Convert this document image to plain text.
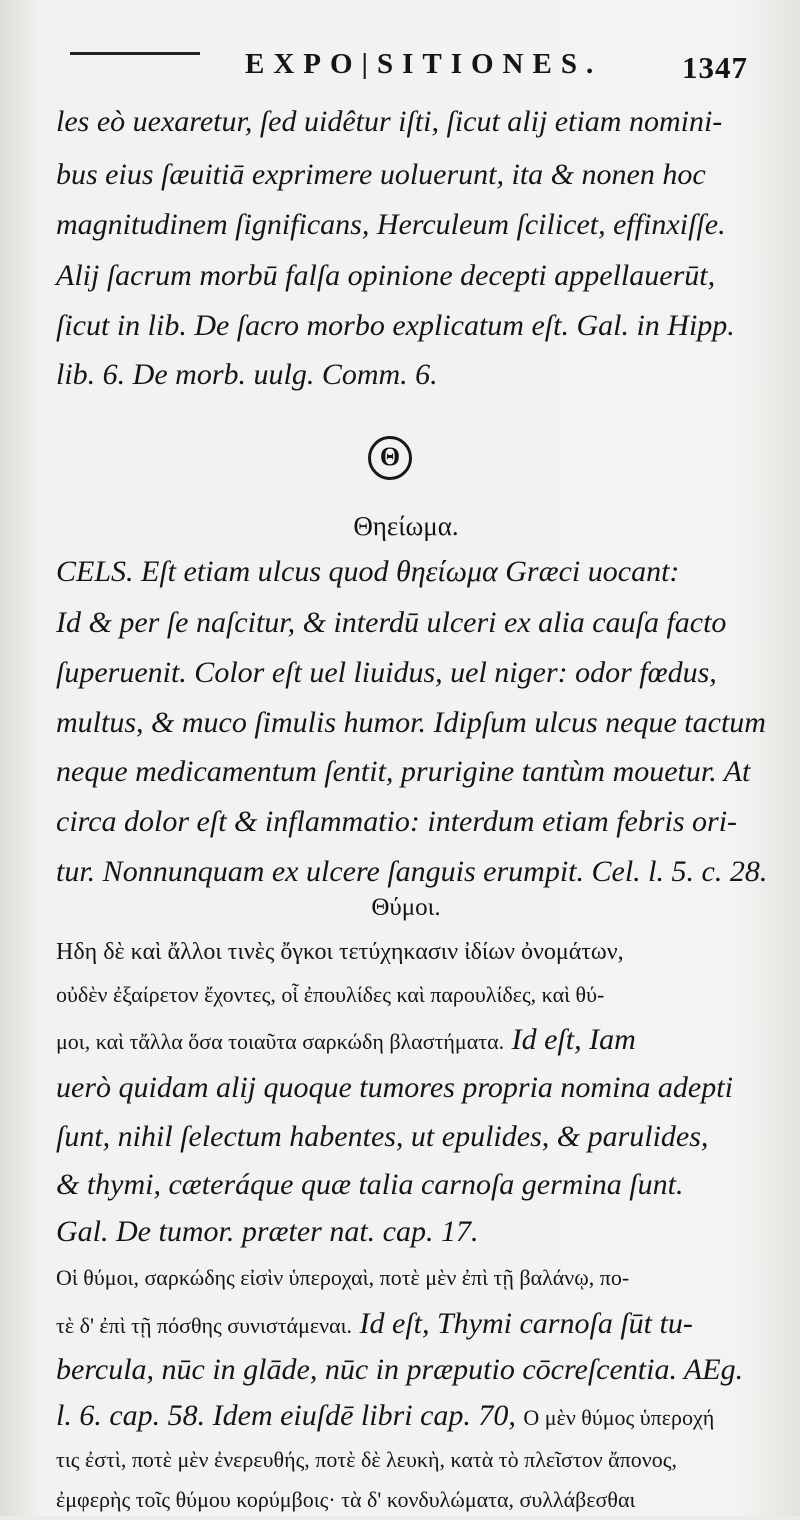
EXPO|SITIONES.	1347
les eò uexaretur, ſed uidêtur iſti, ſicut alij etiam nomini-
bus eius ſæuitiā exprimere uoluerunt, ita & nonen hoc
magnitudinem ſignificans, Herculeum ſcilicet, effinxiſſe.
Alij ſacrum morbū falſa opinione decepti appellauerūt,
ſicut in lib. De ſacro morbo explicatum eſt. Gal. in Hipp.
lib. 6. De morb. uulg. Comm. 6.
Θ
Θηείωμα.
CELS. Eſt etiam ulcus quod θηείωμα Græci uocant:
Id & per ſe naſcitur, & interdū ulceri ex alia cauſa facto
ſuperuenit. Color eſt uel liuidus, uel niger: odor fœdus,
multus, & muco ſimulis humor. Idipſum ulcus neque tactum
neque medicamentum ſentit, prurigine tantùm mouetur. At
circa dolor eſt & inflammatio: interdum etiam febris ori-
tur. Nonnunquam ex ulcere ſanguis erumpit. Cel. l. 5. c. 28.
Θύμοι.
Ηδη δὲ καὶ ἄλλοι τινὲς ὄγκοι τετύχηκασιν ἰδίων ὀνομάτων,
οὐδὲν ἐξαίρετον ἔχοντες, οἷ ἐπουλίδες καὶ παρουλίδες, καὶ θύ-
μοι, καὶ τἄλλα ὅσα τοιαῦτα σαρκώδη βλαστήματα. Id eſt, Iam
uerò quidam alij quoque tumores propria nomina adepti
ſunt, nihil ſelectum habentes, ut epulides, & parulides,
& thymi, cæteráque quæ talia carnoſa germina ſunt.
Gal. De tumor. præter nat. cap. 17.
Οἱ θύμοι, σαρκώδης εἰσὶν ὑπεροχαὶ, ποτὲ μὲν ἐπὶ τῇ βαλάνῳ, πο-
τὲ δ' ἐπὶ τῇ πόσθης συνιστάμεναι. Id eſt, Thymi carnoſa ſūt tu-
bercula, nūc in glāde, nūc in præputio cōcreſcentia. AEg.
l. 6. cap. 58. Idem eiuſdē libri cap. 70, Ο μὲν θύμος ὑπεροχή
τις ἐστὶ, ποτὲ μὲν ἐνερευθής, ποτὲ δὲ λευκὴ, κατὰ τὸ πλεῖστον ἄπονος,
ἐμφερὴς τοῖς θύμου κορύμβοις· τὰ δ' κονδυλώματα, συλλάβεσθαι
